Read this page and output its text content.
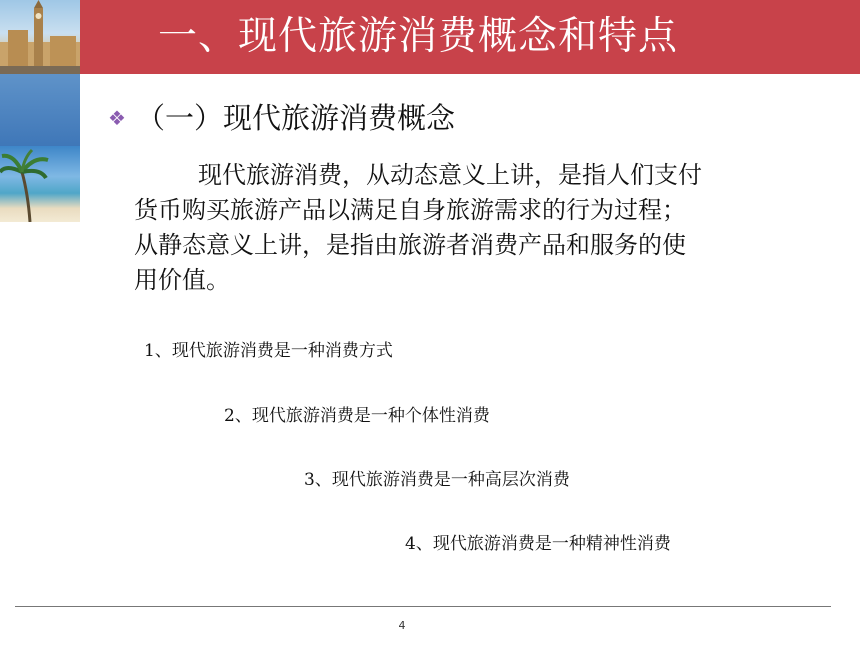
一、现代旅游消费概念和特点
❖ （一）现代旅游消费概念
现代旅游消费，从动态意义上讲，是指人们支付
货币购买旅游产品以满足自身旅游需求的行为过程；
从静态意义上讲，是指由旅游者消费产品和服务的使
用价值。
1、现代旅游消费是一种消费方式
2、现代旅游消费是一种个体性消费
3、现代旅游消费是一种高层次消费
4、现代旅游消费是一种精神性消费
4
